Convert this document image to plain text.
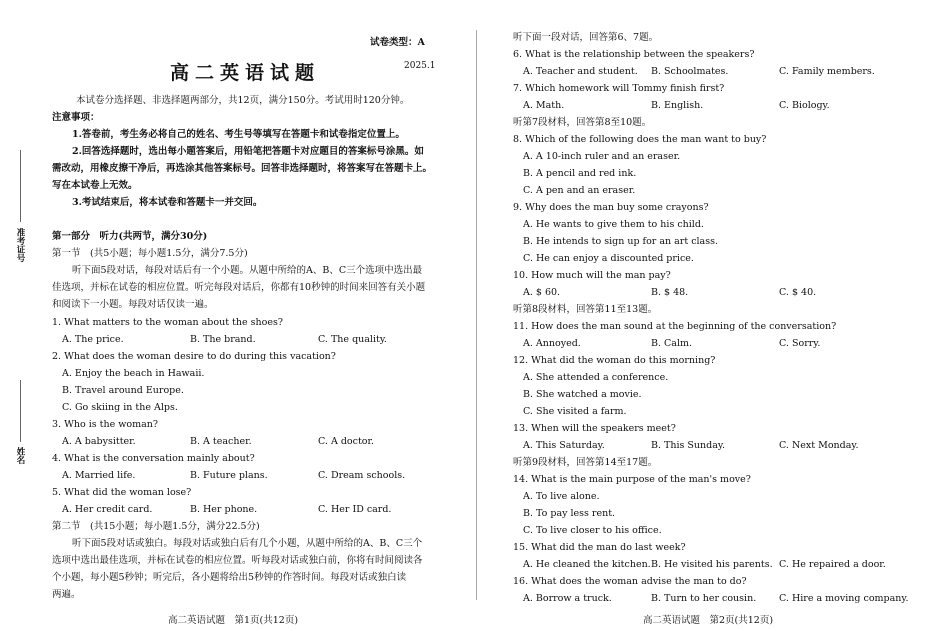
准考证号
姓名
试卷类型：A
高二英语试题	2025.1
本试卷分选择题、非选择题两部分，共12页，满分150分。考试用时120分钟。
注意事项：
1.答卷前，考生务必将自己的姓名、考生号等填写在答题卡和试卷指定位置上。
2.回答选择题时，选出每小题答案后，用铅笔把答题卡对应题目的答案标号涂黑。如
需改动，用橡皮擦干净后，再选涂其他答案标号。回答非选择题时，将答案写在答题卡上。
写在本试卷上无效。
3.考试结束后，将本试卷和答题卡一并交回。
第一部分　听力(共两节，满分30分)
第一节　(共5小题；每小题1.5分，满分7.5分)
听下面5段对话，每段对话后有一个小题。从题中所给的A、B、C三个选项中选出最
佳选项，并标在试卷的相应位置。听完每段对话后，你都有10秒钟的时间来回答有关小题
和阅读下一小题。每段对话仅读一遍。
1. What matters to the woman about the shoes?
A. The price.	B. The brand.	C. The quality.
2. What does the woman desire to do during this vacation?
A. Enjoy the beach in Hawaii.
B. Travel around Europe.
C. Go skiing in the Alps.
3. Who is the woman?
A. A babysitter.	B. A teacher.	C. A doctor.
4. What is the conversation mainly about?
A. Married life.	B. Future plans.	C. Dream schools.
5. What did the woman lose?
A. Her credit card.	B. Her phone.	C. Her ID card.
第二节　(共15小题；每小题1.5分，满分22.5分)
听下面5段对话或独白。每段对话或独白后有几个小题，从题中所给的A、B、C三个
选项中选出最佳选项，并标在试卷的相应位置。听每段对话或独白前，你将有时间阅读各
个小题，每小题5秒钟；听完后，各小题将给出5秒钟的作答时间。每段对话或独白读
两遍。
听下面一段对话，回答第6、7题。
6. What is the relationship between the speakers?
A. Teacher and student. B. Schoolmates.	C. Family members.
7. Which homework will Tommy finish first?
A. Math.	B. English.	C. Biology.
听第7段材料，回答第8至10题。
8. Which of the following does the man want to buy?
A. A 10-inch ruler and an eraser.
B. A pencil and red ink.
C. A pen and an eraser.
9. Why does the man buy some crayons?
A. He wants to give them to his child.
B. He intends to sign up for an art class.
C. He can enjoy a discounted price.
10. How much will the man pay?
A. $ 60.	B. $ 48.	C. $ 40.
听第8段材料，回答第11至13题。
11. How does the man sound at the beginning of the conversation?
A. Annoyed.	B. Calm.	C. Sorry.
12. What did the woman do this morning?
A. She attended a conference.
B. She watched a movie.
C. She visited a farm.
13. When will the speakers meet?
A. This Saturday.	B. This Sunday.	C. Next Monday.
听第9段材料，回答第14至17题。
14. What is the main purpose of the man's move?
A. To live alone.
B. To pay less rent.
C. To live closer to his office.
15. What did the man do last week?
A. He cleaned the kitchen. B. He visited his parents. C. He repaired a door.
16. What does the woman advise the man to do?
A. Borrow a truck.	B. Turn to her cousin. C. Hire a moving company.
高二英语试题　第1页(共12页)	高二英语试题　第2页(共12页)
